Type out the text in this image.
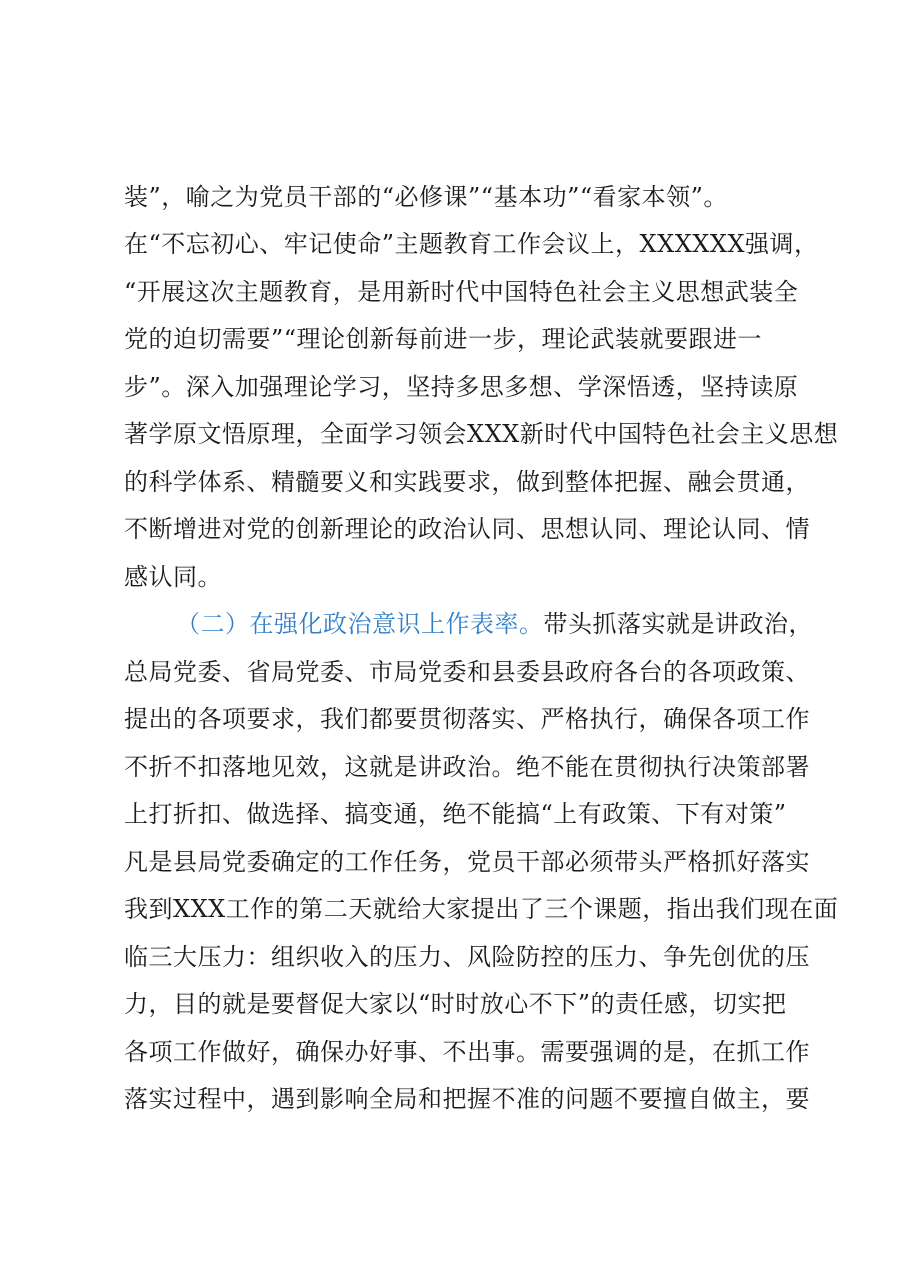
装”，喻之为党员干部的“必修课”“基本功”“看家本领”。

在“不忘初心、牢记使命”主题教育工作会议上，XXXXXX强调，

“开展这次主题教育，是用新时代中国特色社会主义思想武装全

党的迫切需要”“理论创新每前进一步，理论武装就要跟进一

步”。深入加强理论学习，坚持多思多想、学深悟透，坚持读原

著学原文悟原理，全面学习领会XXX新时代中国特色社会主义思想

的科学体系、精髓要义和实践要求，做到整体把握、融会贯通，

不断增进对党的创新理论的政治认同、思想认同、理论认同、情

感认同。

（二）在强化政治意识上作表率。带头抓落实就是讲政治，

总局党委、省局党委、市局党委和县委县政府各台的各项政策、

提出的各项要求，我们都要贯彻落实、严格执行，确保各项工作

不折不扣落地见效，这就是讲政治。绝不能在贯彻执行决策部署

上打折扣、做选择、搞变通，绝不能搞“上有政策、下有对策”

凡是县局党委确定的工作任务，党员干部必须带头严格抓好落实

我到XXX工作的第二天就给大家提出了三个课题，指出我们现在面

临三大压力：组织收入的压力、风险防控的压力、争先创优的压

力，目的就是要督促大家以“时时放心不下”的责任感，切实把

各项工作做好，确保办好事、不出事。需要强调的是，在抓工作

落实过程中，遇到影响全局和把握不准的问题不要擅自做主，要
